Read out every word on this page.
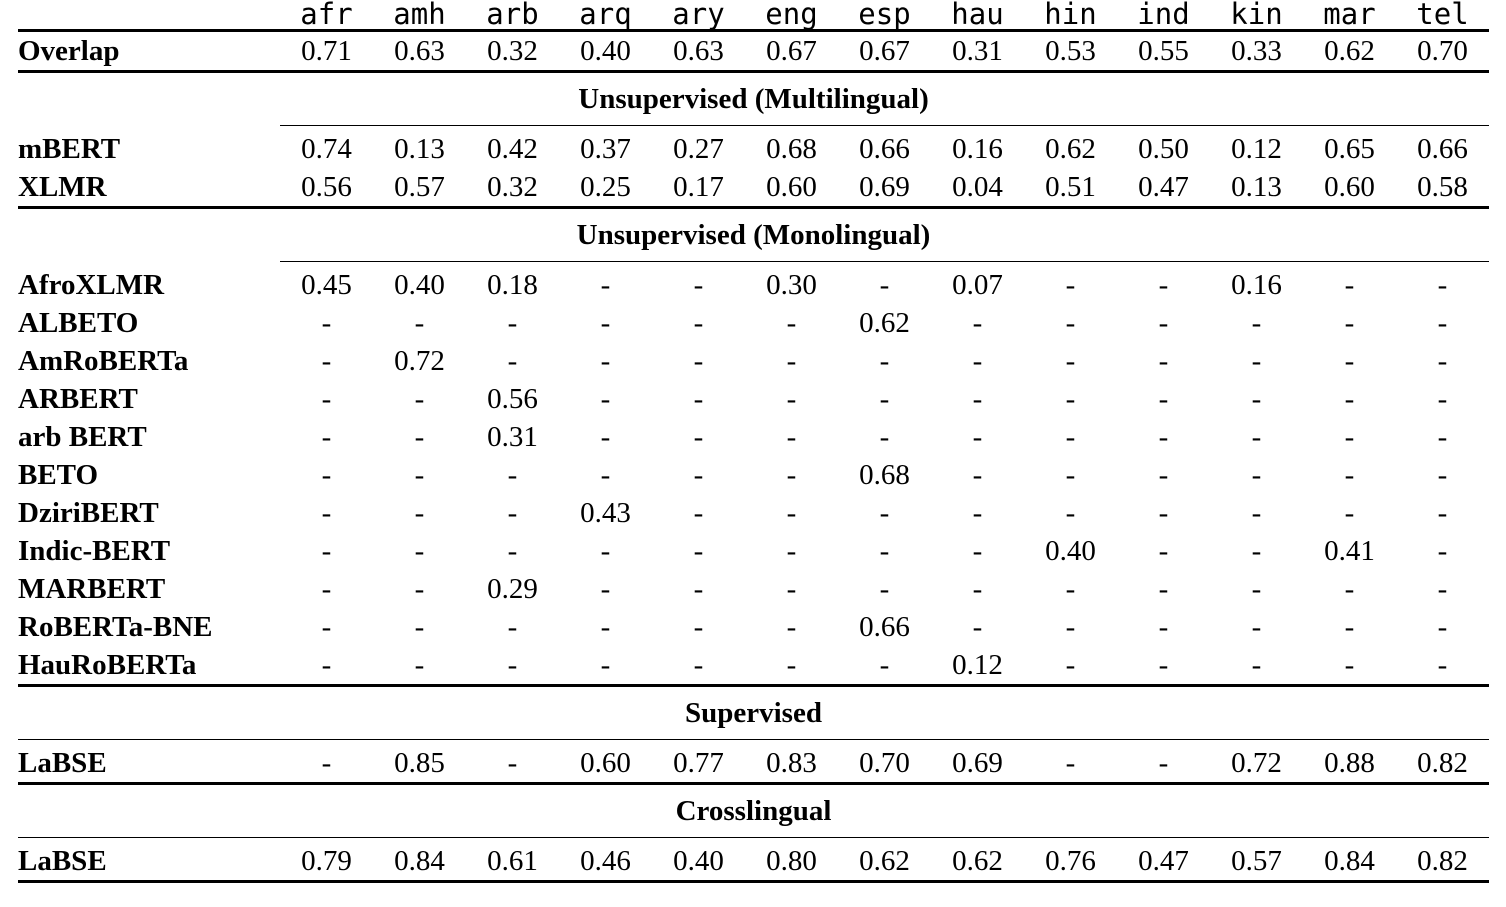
	afr	amh	arb	arq	ary	eng	esp	hau	hin	ind	kin	mar	tel
Overlap	0.71	0.63	0.32	0.40	0.63	0.67	0.67	0.31	0.53	0.55	0.33	0.62	0.70
Unsupervised (Multilingual)													

mBERT	0.74	0.13	0.42	0.37	0.27	0.68	0.66	0.16	0.62	0.50	0.12	0.65	0.66
XLMR	0.56	0.57	0.32	0.25	0.17	0.60	0.69	0.04	0.51	0.47	0.13	0.60	0.58
Unsupervised (Monolingual)													

AfroXLMR	0.45	0.40	0.18	-	-	0.30	-	0.07	-	-	0.16	-	-
ALBETO	-	-	-	-	-	-	0.62	-	-	-	-	-	-
AmRoBERTa	-	0.72	-	-	-	-	-	-	-	-	-	-	-
ARBERT	-	-	0.56	-	-	-	-	-	-	-	-	-	-
arb BERT	-	-	0.31	-	-	-	-	-	-	-	-	-	-
BETO	-	-	-	-	-	-	0.68	-	-	-	-	-	-
DziriBERT	-	-	-	0.43	-	-	-	-	-	-	-	-	-
Indic-BERT	-	-	-	-	-	-	-	-	0.40	-	-	0.41	-
MARBERT	-	-	0.29	-	-	-	-	-	-	-	-	-	-
RoBERTa-BNE	-	-	-	-	-	-	0.66	-	-	-	-	-	-
HauRoBERTa	-	-	-	-	-	-	-	0.12	-	-	-	-	-
Supervised													

LaBSE	-	0.85	-	0.60	0.77	0.83	0.70	0.69	-	-	0.72	0.88	0.82
Crosslingual													

LaBSE	0.79	0.84	0.61	0.46	0.40	0.80	0.62	0.62	0.76	0.47	0.57	0.84	0.82
